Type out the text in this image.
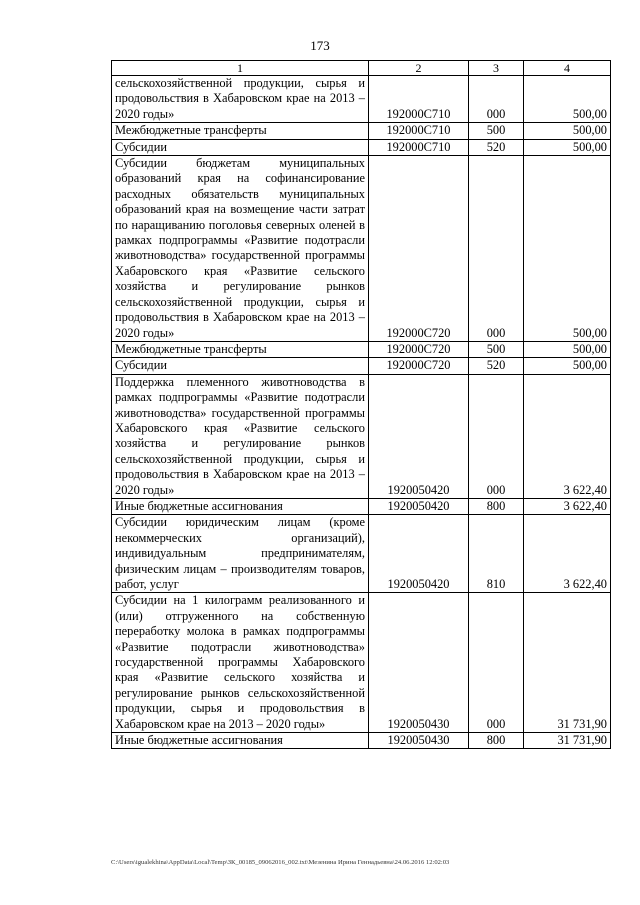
173
1	2	3	4
сельскохозяйственной продукции, сырья и продовольствия в Хабаровском крае на 2013 – 2020 годы»	192000С710	000	500,00
Межбюджетные трансферты	192000С710	500	500,00
Субсидии	192000С710	520	500,00
Субсидии бюджетам муниципальных образований края на софинансирование расходных обязательств муниципальных образований края на возмещение части затрат по наращиванию поголовья северных оленей в рамках подпрограммы «Развитие подотрасли животноводства» государственной программы Хабаровского края «Развитие сельского хозяйства и регулирование рынков сельскохозяйственной продукции, сырья и продовольствия в Хабаровском крае на 2013 – 2020 годы»	192000С720	000	500,00
Межбюджетные трансферты	192000С720	500	500,00
Субсидии	192000С720	520	500,00
Поддержка племенного животноводства в рамках подпрограммы «Развитие подотрасли животноводства» государственной программы Хабаровского края «Развитие сельского хозяйства и регулирование рынков сельскохозяйственной продукции, сырья и продовольствия в Хабаровском крае на 2013 – 2020 годы»	1920050420	000	3 622,40
Иные бюджетные ассигнования	1920050420	800	3 622,40
Субсидии юридическим лицам (кроме некоммерческих организаций), индивидуальным предпринимателям, физическим лицам – производителям товаров, работ, услуг	1920050420	810	3 622,40
Субсидии на 1 килограмм реализованного и (или) отгруженного на собственную переработку молока в рамках подпрограммы «Развитие подотрасли животноводства» государственной программы Хабаровского края «Развитие сельского хозяйства и регулирование рынков сельскохозяйственной продукции, сырья и продовольствия в Хабаровском крае на 2013 – 2020 годы»	1920050430	000	31 731,90
Иные бюджетные ассигнования	1920050430	800	31 731,90
C:\Users\igualekhina\AppData\Local\Temp\ЗК_00185_09062016_002.txt\Мезенина Ирина Геннадьевна\24.06.2016 12:02:03
